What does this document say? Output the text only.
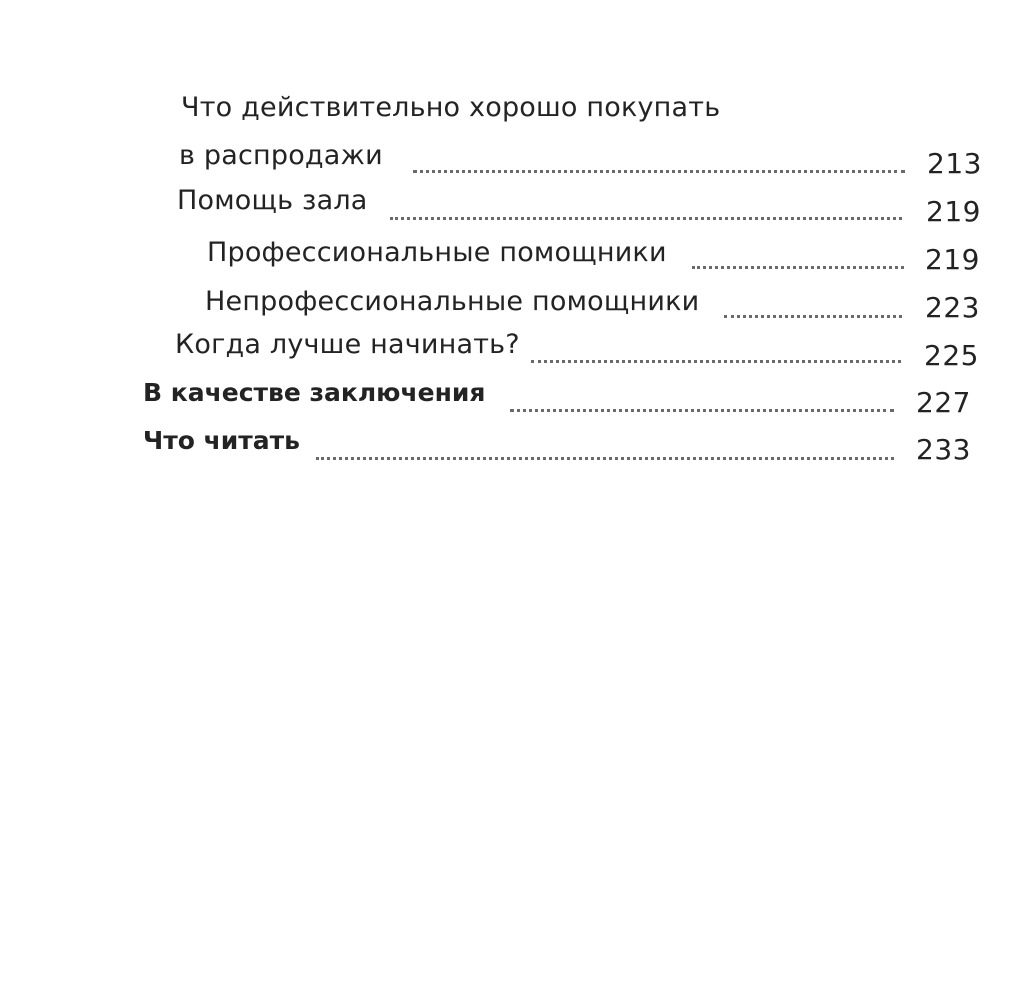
Что действительно хорошо покупать
в распродажи	213
Помощь зала	219
Профессиональные помощники	219
Непрофессиональные помощники	223
Когда лучше начинать?	225
В качестве заключения	227
Что читать	233
